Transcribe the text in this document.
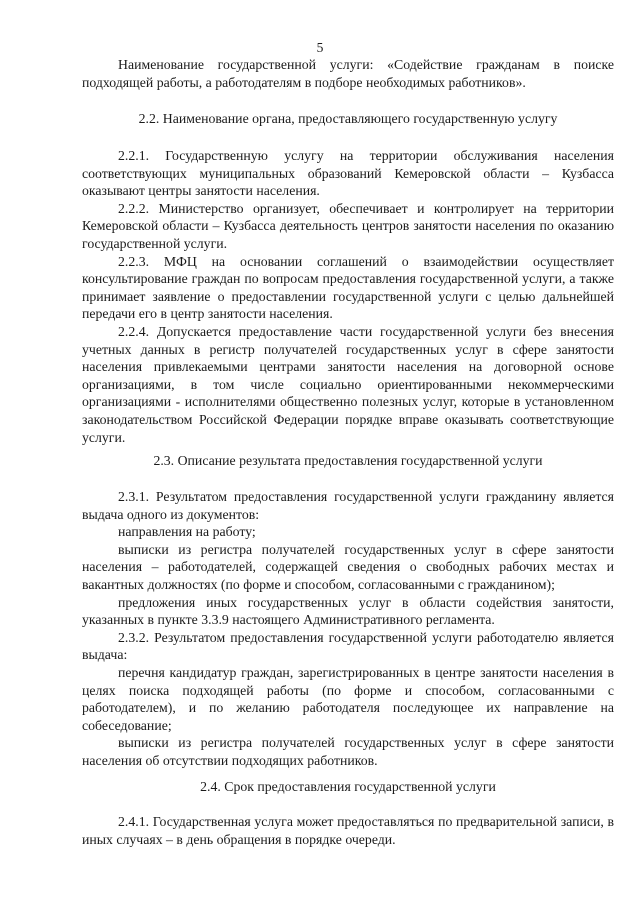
5

Наименование государственной услуги: «Содействие гражданам в поиске подходящей работы, а работодателям в подборе необходимых работников».

2.2. Наименование органа, предоставляющего государственную услугу

2.2.1. Государственную услугу на территории обслуживания населения соответствующих муниципальных образований Кемеровской области – Кузбасса оказывают центры занятости населения.

2.2.2. Министерство организует, обеспечивает и контролирует на территории Кемеровской области – Кузбасса деятельность центров занятости населения по оказанию государственной услуги.

2.2.3. МФЦ на основании соглашений о взаимодействии осуществляет консультирование граждан по вопросам предоставления государственной услуги, а также принимает заявление о предоставлении государственной услуги с целью дальнейшей передачи его в центр занятости населения.

2.2.4. Допускается предоставление части государственной услуги без внесения учетных данных в регистр получателей государственных услуг в сфере занятости населения привлекаемыми центрами занятости населения на договорной основе организациями, в том числе социально ориентированными некоммерческими организациями - исполнителями общественно полезных услуг, которые в установленном законодательством Российской Федерации порядке вправе оказывать соответствующие услуги.

2.3. Описание результата предоставления государственной услуги

2.3.1. Результатом предоставления государственной услуги гражданину является выдача одного из документов:

направления на работу;

выписки из регистра получателей государственных услуг в сфере занятости населения – работодателей, содержащей сведения о свободных рабочих местах и вакантных должностях (по форме и способом, согласованными с гражданином);

предложения иных государственных услуг в области содействия занятости, указанных в пункте 3.3.9 настоящего Административного регламента.

2.3.2. Результатом предоставления государственной услуги работодателю является выдача:

перечня кандидатур граждан, зарегистрированных в центре занятости населения в целях поиска подходящей работы (по форме и способом, согласованными с работодателем), и по желанию работодателя последующее их направление на собеседование;

выписки из регистра получателей государственных услуг в сфере занятости населения об отсутствии подходящих работников.

2.4. Срок предоставления государственной услуги

2.4.1. Государственная услуга может предоставляться по предварительной записи, в иных случаях – в день обращения в порядке очереди.
